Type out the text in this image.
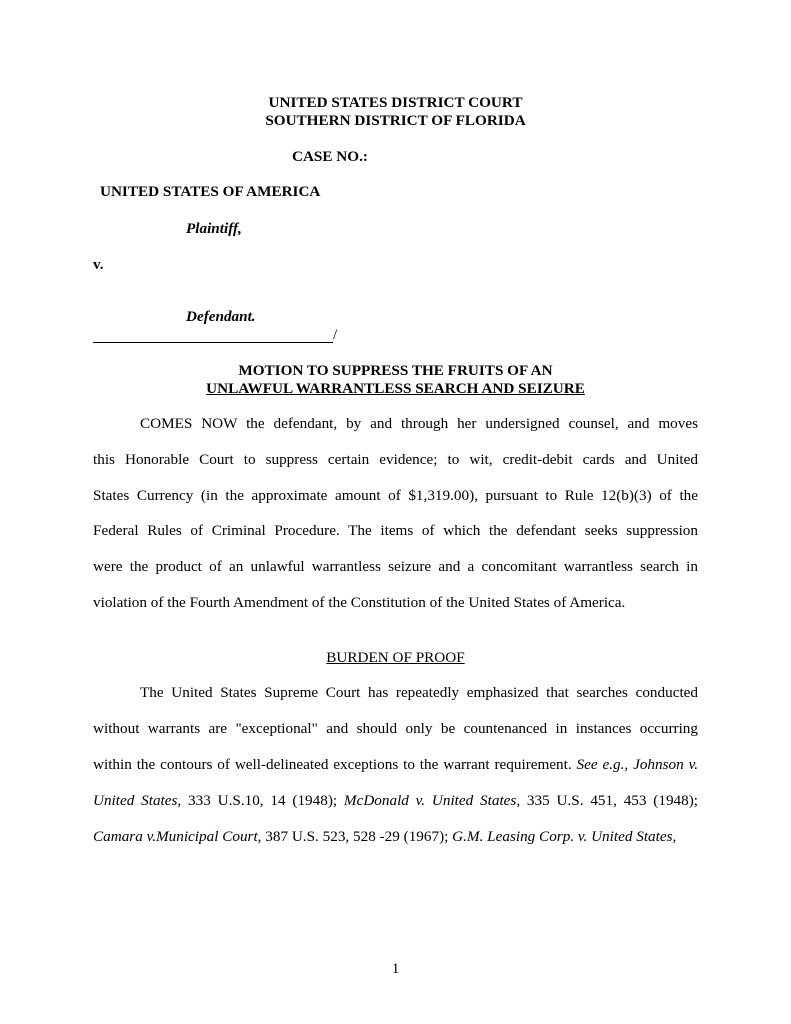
UNITED STATES DISTRICT COURT
SOUTHERN DISTRICT OF FLORIDA
CASE NO.:
UNITED STATES OF AMERICA
Plaintiff,
v.
Defendant.
/
MOTION TO SUPPRESS THE FRUITS OF AN
UNLAWFUL WARRANTLESS SEARCH AND SEIZURE
COMES NOW the defendant, by and through her undersigned counsel, and moves
this Honorable Court to suppress certain evidence; to wit, credit-debit cards and United
States Currency (in the approximate amount of $1,319.00), pursuant to Rule 12(b)(3) of the
Federal Rules of Criminal Procedure. The items of which the defendant seeks suppression
were the product of an unlawful warrantless seizure and a concomitant warrantless search in
violation of the Fourth Amendment of the Constitution of the United States of America.
BURDEN OF PROOF
The United States Supreme Court has repeatedly emphasized that searches conducted
without warrants are "exceptional" and should only be countenanced in instances occurring
within the contours of well-delineated exceptions to the warrant requirement. See e.g., Johnson v.
United States, 333 U.S.10, 14 (1948); McDonald v. United States, 335 U.S. 451, 453 (1948);
Camara v.Municipal Court, 387 U.S. 523, 528 -29 (1967); G.M. Leasing Corp. v. United States,
1
